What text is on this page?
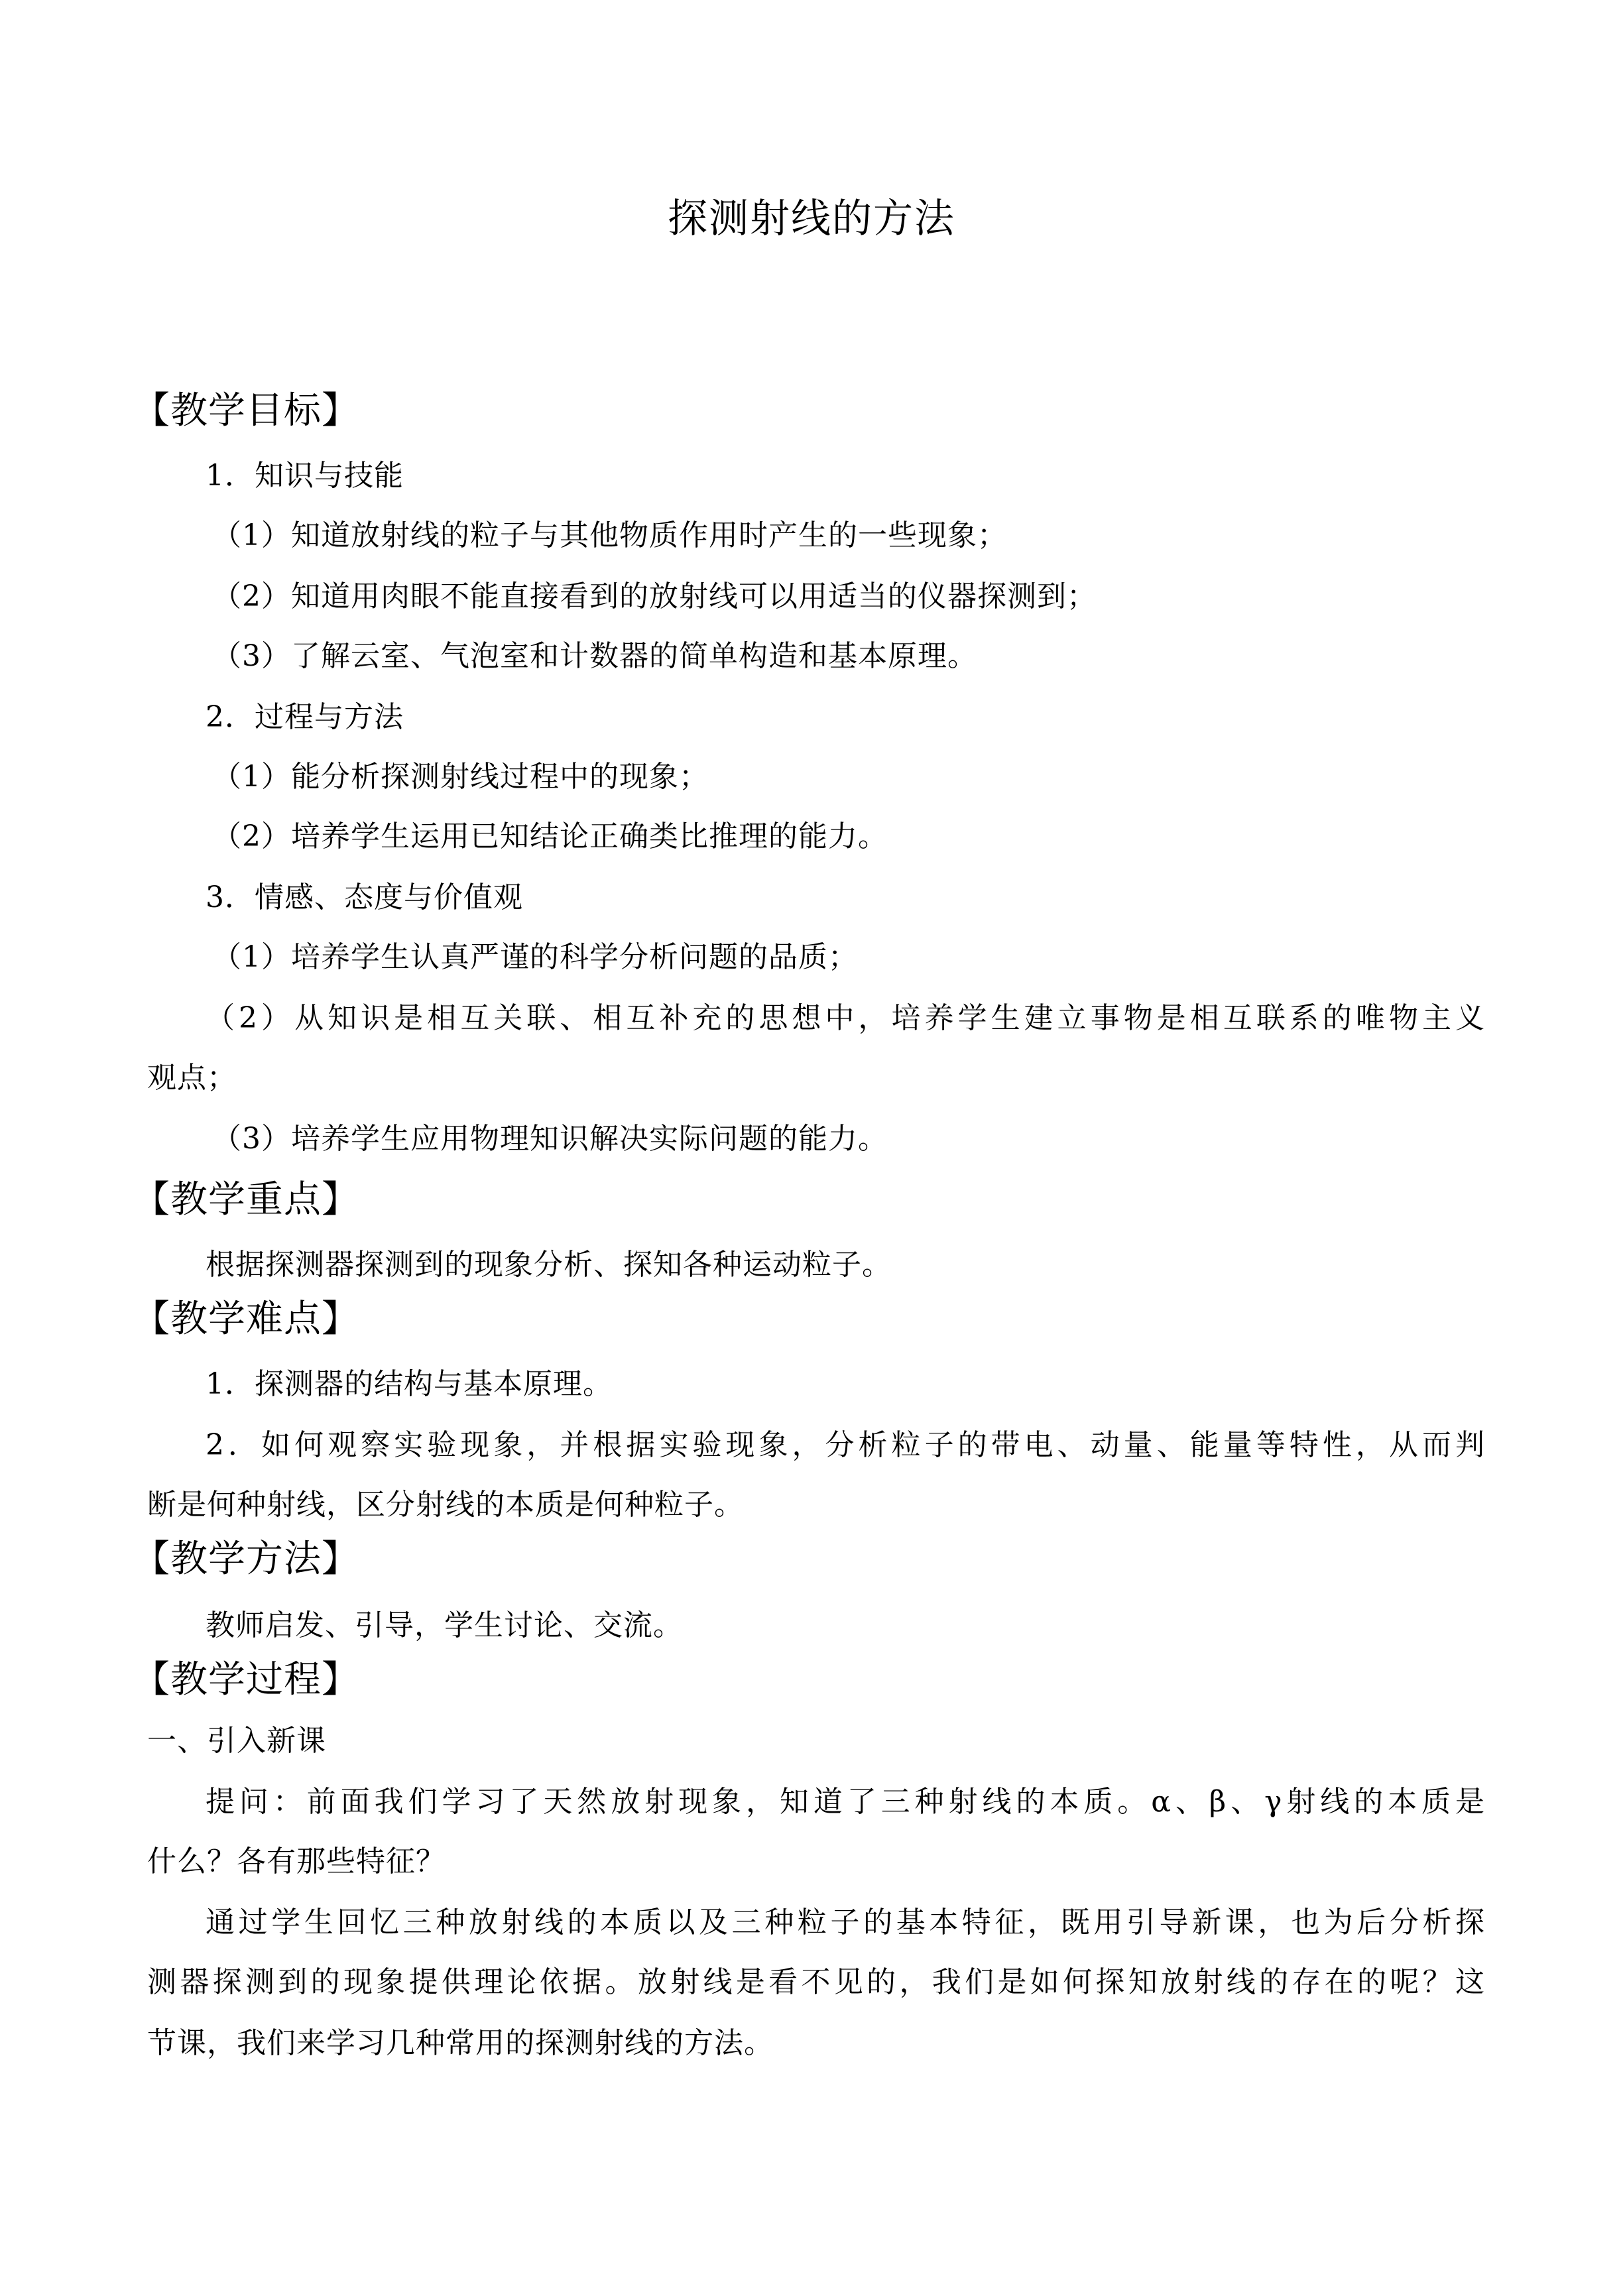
探测射线的方法
【教学目标】
1．知识与技能
（1）知道放射线的粒子与其他物质作用时产生的一些现象；
（2）知道用肉眼不能直接看到的放射线可以用适当的仪器探测到；
（3）了解云室、气泡室和计数器的简单构造和基本原理。
2．过程与方法
（1）能分析探测射线过程中的现象；
（2）培养学生运用已知结论正确类比推理的能力。
3．情感、态度与价值观
（1）培养学生认真严谨的科学分析问题的品质；
（2）从知识是相互关联、相互补充的思想中，培养学生建立事物是相互联系的唯物主义
观点；
（3）培养学生应用物理知识解决实际问题的能力。
【教学重点】
根据探测器探测到的现象分析、探知各种运动粒子。
【教学难点】
1．探测器的结构与基本原理。
2．如何观察实验现象，并根据实验现象，分析粒子的带电、动量、能量等特性，从而判
断是何种射线，区分射线的本质是何种粒子。
【教学方法】
教师启发、引导，学生讨论、交流。
【教学过程】
一、引入新课
提问：前面我们学习了天然放射现象，知道了三种射线的本质。α、β、γ射线的本质是
什么？各有那些特征？
通过学生回忆三种放射线的本质以及三种粒子的基本特征，既用引导新课，也为后分析探
测器探测到的现象提供理论依据。放射线是看不见的，我们是如何探知放射线的存在的呢？这
节课，我们来学习几种常用的探测射线的方法。
